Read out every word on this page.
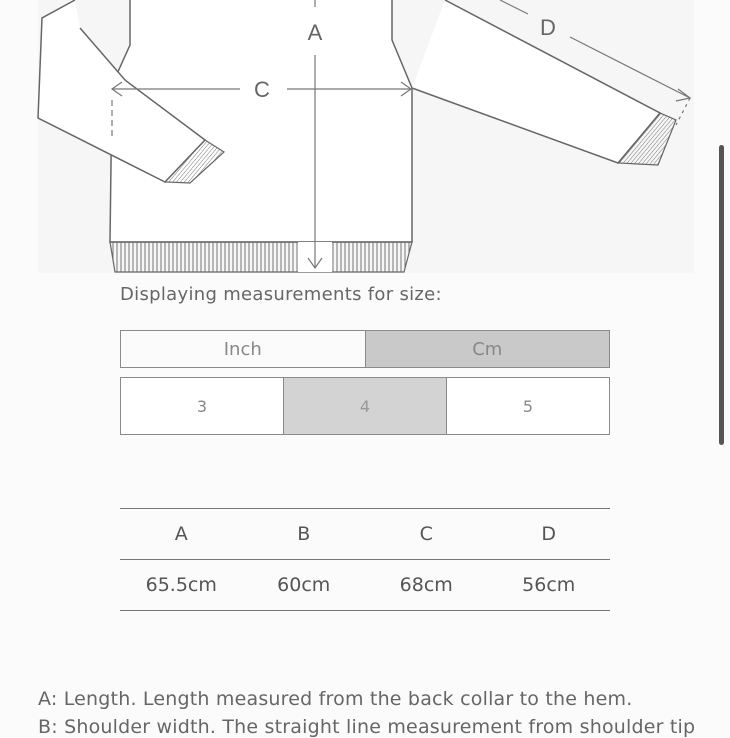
A
C
D
Displaying measurements for size:
Inch	Cm
3	4	5
A	B	C	D
65.5cm	60cm	68cm	56cm

A: Length. Length measured from the back collar to the hem.

B: Shoulder width. The straight line measurement from shoulder tip
